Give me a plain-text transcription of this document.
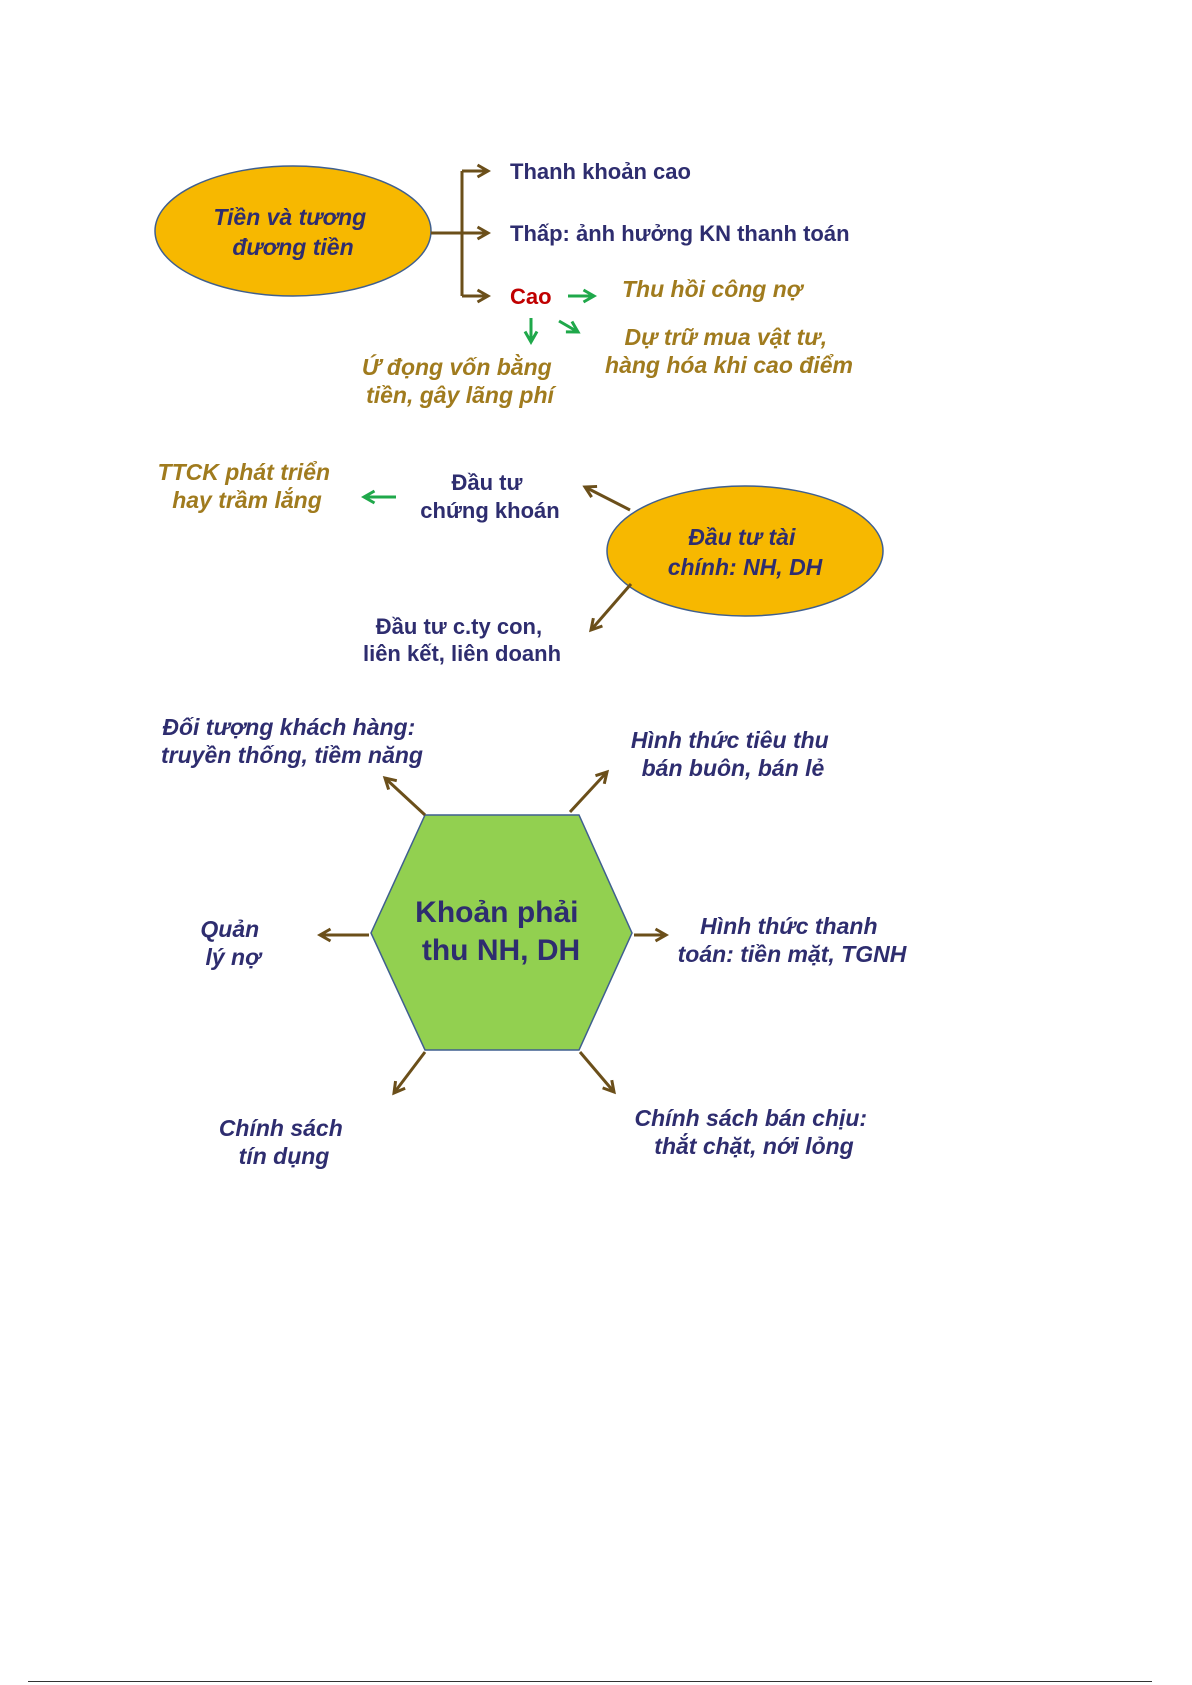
Tiền và tương đương tiền
Thanh khoản cao
Thấp: ảnh hưởng KN thanh toán
Cao	Thu hồi công nợ
Dự trữ mua vật tư, hàng hóa khi cao điểm
Ứ đọng vốn bằng tiền, gây lãng phí
Đầu tư tài chính: NH, DH
Đầu tư chứng khoán
TTCK phát triển hay trầm lắng
Đầu tư c.ty con, liên kết, liên doanh
Khoản phải thu NH, DH
Đối tượng khách hàng: truyền thống, tiềm năng
Hình thức tiêu thu bán buôn, bán lẻ
Quản lý nợ
Hình thức thanh toán: tiền mặt, TGNH
Chính sách tín dụng
Chính sách bán chịu: thắt chặt, nới lỏng
